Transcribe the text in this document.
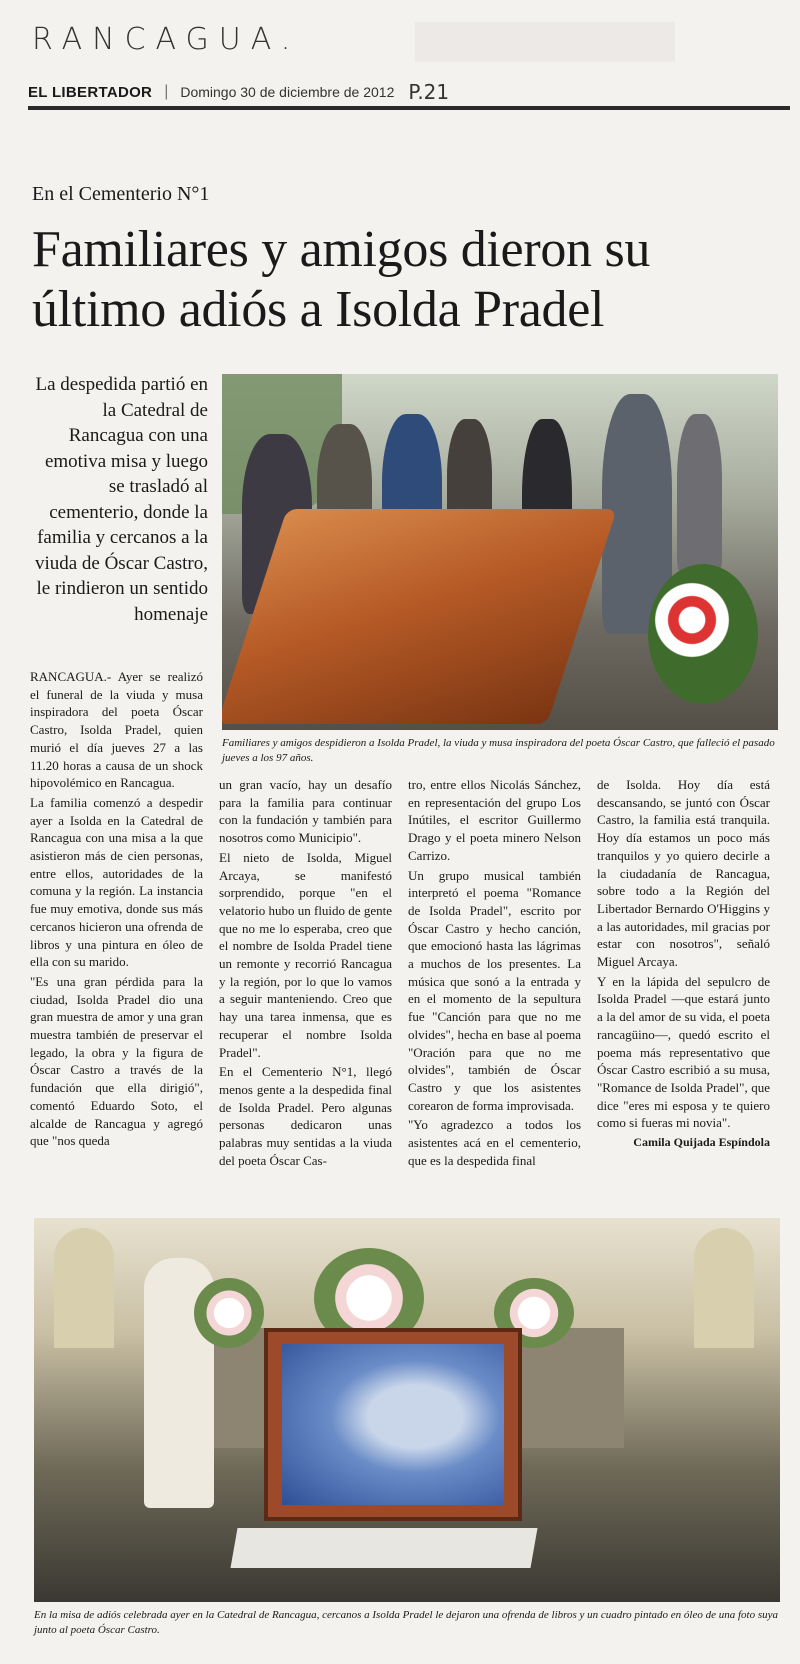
RANCAGUA.
EL LIBERTADOR | Domingo 30 de diciembre de 2012 P.21
En el Cementerio N°1
Familiares y amigos dieron su último adiós a Isolda Pradel
La despedida partió en la Catedral de Rancagua con una emotiva misa y luego se trasladó al cementerio, donde la familia y cercanos a la viuda de Óscar Castro, le rindieron un sentido homenaje
Familiares y amigos despidieron a Isolda Pradel, la viuda y musa inspiradora del poeta Óscar Castro, que falleció el pasado jueves a los 97 años.

RANCAGUA.- Ayer se realizó el funeral de la viuda y musa inspiradora del poeta Óscar Castro, Isolda Pradel, quien murió el día jueves 27 a las 11.20 horas a causa de un shock hipovolémico en Rancagua.

La familia comenzó a despedir ayer a Isolda en la Catedral de Rancagua con una misa a la que asistieron más de cien personas, entre ellos, autoridades de la comuna y la región. La instancia fue muy emotiva, donde sus más cercanos hicieron una ofrenda de libros y una pintura en óleo de ella con su marido.

"Es una gran pérdida para la ciudad, Isolda Pradel dio una gran muestra de amor y una gran muestra también de preservar el legado, la obra y la figura de Óscar Castro a través de la fundación que ella dirigió", comentó Eduardo Soto, el alcalde de Rancagua y agregó que "nos queda

un gran vacío, hay un desafío para la familia para continuar con la fundación y también para nosotros como Municipio".

El nieto de Isolda, Miguel Arcaya, se manifestó sorprendido, porque "en el velatorio hubo un fluido de gente que no me lo esperaba, creo que el nombre de Isolda Pradel tiene un remonte y recorrió Rancagua y la región, por lo que lo vamos a seguir manteniendo. Creo que hay una tarea inmensa, que es recuperar el nombre Isolda Pradel".

En el Cementerio N°1, llegó menos gente a la despedida final de Isolda Pradel. Pero algunas personas dedicaron unas palabras muy sentidas a la viuda del poeta Óscar Cas-

tro, entre ellos Nicolás Sánchez, en representación del grupo Los Inútiles, el escritor Guillermo Drago y el poeta minero Nelson Carrizo.

Un grupo musical también interpretó el poema "Romance de Isolda Pradel", escrito por Óscar Castro y hecho canción, que emocionó hasta las lágrimas a muchos de los presentes. La música que sonó a la entrada y en el momento de la sepultura fue "Canción para que no me olvides", hecha en base al poema "Oración para que no me olvides", también de Óscar Castro y que los asistentes corearon de forma improvisada.

"Yo agradezco a todos los asistentes acá en el cementerio, que es la despedida final

de Isolda. Hoy día está descansando, se juntó con Óscar Castro, la familia está tranquila. Hoy día estamos un poco más tranquilos y yo quiero decirle a la ciudadanía de Rancagua, sobre todo a la Región del Libertador Bernardo O'Higgins y a las autoridades, mil gracias por estar con nosotros", señaló Miguel Arcaya.

Y en la lápida del sepulcro de Isolda Pradel —que estará junto a la del amor de su vida, el poeta rancagüino—, quedó escrito el poema más representativo que Óscar Castro escribió a su musa, "Romance de Isolda Pradel", que dice "eres mi esposa y te quiero como si fueras mi novia".

Camila Quijada Espíndola
En la misa de adiós celebrada ayer en la Catedral de Rancagua, cercanos a Isolda Pradel le dejaron una ofrenda de libros y un cuadro pintado en óleo de una foto suya junto al poeta Óscar Castro.
